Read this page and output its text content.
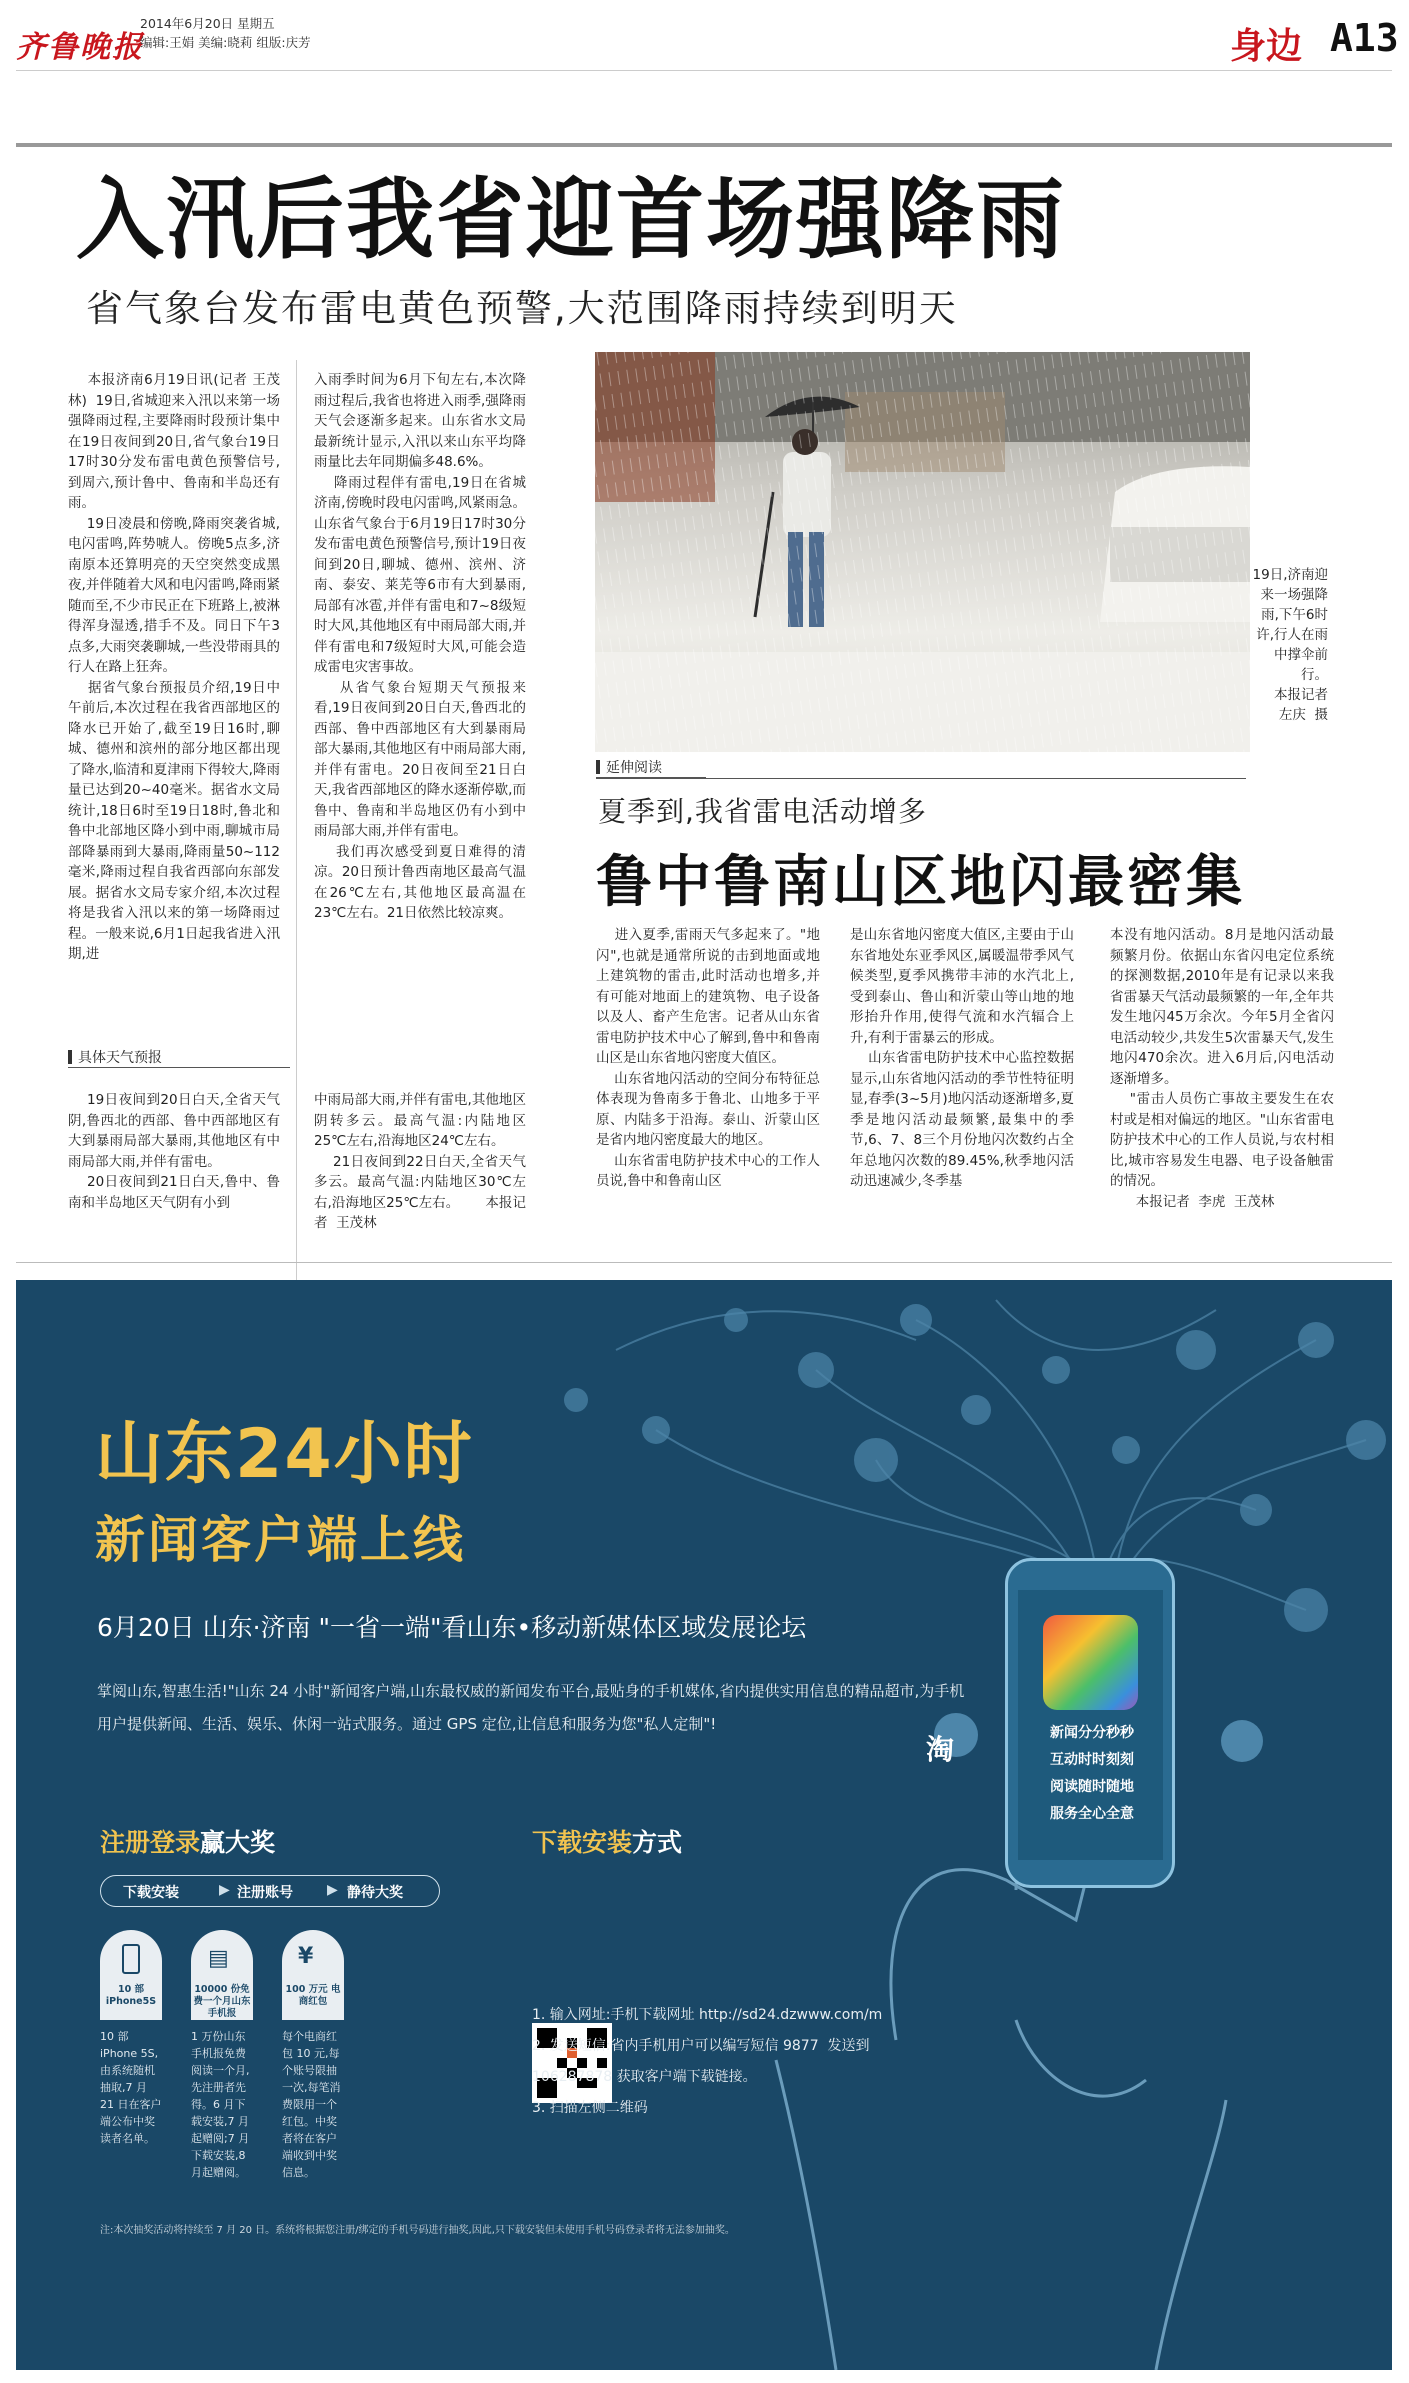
齐鲁晚报
2014年6月20日 星期五
编辑:王娟 美编:晓莉 组版:庆芳	身边 A13
入汛后我省迎首场强降雨
省气象台发布雷电黄色预警,大范围降雨持续到明天
本报济南6月19日讯(记者 王茂林)  19日,省城迎来入汛以来第一场强降雨过程,主要降雨时段预计集中在19日夜间到20日,省气象台19日17时30分发布雷电黄色预警信号,到周六,预计鲁中、鲁南和半岛还有雨。
19日凌晨和傍晚,降雨突袭省城,电闪雷鸣,阵势唬人。傍晚5点多,济南原本还算明亮的天空突然变成黑夜,并伴随着大风和电闪雷鸣,降雨紧随而至,不少市民正在下班路上,被淋得浑身湿透,措手不及。同日下午3点多,大雨突袭聊城,一些没带雨具的行人在路上狂奔。
据省气象台预报员介绍,19日中午前后,本次过程在我省西部地区的降水已开始了,截至19日16时,聊城、德州和滨州的部分地区都出现了降水,临清和夏津雨下得较大,降雨量已达到20~40毫米。据省水文局统计,18日6时至19日18时,鲁北和鲁中北部地区降小到中雨,聊城市局部降暴雨到大暴雨,降雨量50~112毫米,降雨过程自我省西部向东部发展。据省水文局专家介绍,本次过程将是我省入汛以来的第一场降雨过程。一般来说,6月1日起我省进入汛期,进
入雨季时间为6月下旬左右,本次降雨过程后,我省也将进入雨季,强降雨天气会逐渐多起来。山东省水文局最新统计显示,入汛以来山东平均降雨量比去年同期偏多48.6%。
降雨过程伴有雷电,19日在省城济南,傍晚时段电闪雷鸣,风紧雨急。山东省气象台于6月19日17时30分发布雷电黄色预警信号,预计19日夜间到20日,聊城、德州、滨州、济南、泰安、莱芜等6市有大到暴雨,局部有冰雹,并伴有雷电和7~8级短时大风,其他地区有中雨局部大雨,并伴有雷电和7级短时大风,可能会造成雷电灾害事故。
从省气象台短期天气预报来看,19日夜间到20日白天,鲁西北的西部、鲁中西部地区有大到暴雨局部大暴雨,其他地区有中雨局部大雨,并伴有雷电。20日夜间至21日白天,我省西部地区的降水逐渐停歇,而鲁中、鲁南和半岛地区仍有小到中雨局部大雨,并伴有雷电。
我们再次感受到夏日难得的清凉。20日预计鲁西南地区最高气温在26℃左右,其他地区最高温在23℃左右。21日依然比较凉爽。
19日,济南迎来一场强降雨,下午6时许,行人在雨中撑伞前行。
本报记者
左庆  摄
具体天气预报
19日夜间到20日白天,全省天气阴,鲁西北的西部、鲁中西部地区有大到暴雨局部大暴雨,其他地区有中雨局部大雨,并伴有雷电。
20日夜间到21日白天,鲁中、鲁南和半岛地区天气阴有小到
中雨局部大雨,并伴有雷电,其他地区阴转多云。最高气温:内陆地区25℃左右,沿海地区24℃左右。
21日夜间到22日白天,全省天气多云。最高气温:内陆地区30℃左右,沿海地区25℃左右。      本报记者  王茂林
延伸阅读
夏季到,我省雷电活动增多
鲁中鲁南山区地闪最密集
进入夏季,雷雨天气多起来了。"地闪",也就是通常所说的击到地面或地上建筑物的雷击,此时活动也增多,并有可能对地面上的建筑物、电子设备以及人、畜产生危害。记者从山东省雷电防护技术中心了解到,鲁中和鲁南山区是山东省地闪密度大值区。
山东省地闪活动的空间分布特征总体表现为鲁南多于鲁北、山地多于平原、内陆多于沿海。泰山、沂蒙山区是省内地闪密度最大的地区。
山东省雷电防护技术中心的工作人员说,鲁中和鲁南山区
是山东省地闪密度大值区,主要由于山东省地处东亚季风区,属暖温带季风气候类型,夏季风携带丰沛的水汽北上,受到泰山、鲁山和沂蒙山等山地的地形抬升作用,使得气流和水汽辐合上升,有利于雷暴云的形成。
山东省雷电防护技术中心监控数据显示,山东省地闪活动的季节性特征明显,春季(3~5月)地闪活动逐渐增多,夏季是地闪活动最频繁,最集中的季节,6、7、8三个月份地闪次数约占全年总地闪次数的89.45%,秋季地闪活动迅速减少,冬季基
本没有地闪活动。8月是地闪活动最频繁月份。依据山东省闪电定位系统的探测数据,2010年是有记录以来我省雷暴天气活动最频繁的一年,全年共发生地闪45万余次。今年5月全省闪电活动较少,共发生5次雷暴天气,发生地闪470余次。进入6月后,闪电活动逐渐增多。
"雷击人员伤亡事故主要发生在农村或是相对偏远的地区。"山东省雷电防护技术中心的工作人员说,与农村相比,城市容易发生电器、电子设备触雷的情况。
本报记者  李虎  王茂林
淘
山东24小时
新闻客户端上线
6月20日 山东·济南 "一省一端"看山东•移动新媒体区域发展论坛
掌阅山东,智惠生活!"山东 24 小时"新闻客户端,山东最权威的新闻发布平台,最贴身的手机媒体,省内提供实用信息的精品超市,为手机用户提供新闻、生活、娱乐、休闲一站式服务。通过 GPS 定位,让信息和服务为您"私人定制"!
注册登录赢大奖
下载安装	▶ 注册账号 ▶ 静待大奖
10 部 iPhone5S
10 部 iPhone 5S,由系统随机抽取,7 月 21 日在客户端公布中奖读者名单。
10000 份免费一个月山东手机报
1 万份山东手机报免费阅读一个月,先注册者先得。6 月下载安装,7 月起赠阅;7 月下载安装,8 月起赠阅。
100 万元 电商红包
每个电商红包 10 元,每个账号限抽一次,每笔消费限用一个红包。中奖者将在客户端收到中奖信息。
▤	¥
下载安装方式
1. 输入网址:手机下载网址 http://sd24.dzwww.com/m
2. 发送短信:省内手机用户可以编写短信 9877  发送到 106287878 获取客户端下载链接。
3. 扫描左侧二维码
新闻分分秒秒
互动时时刻刻
阅读随时随地
服务全心全意
注:本次抽奖活动将持续至 7 月 20 日。系统将根据您注册/绑定的手机号码进行抽奖,因此,只下载安装但未使用手机号码登录者将无法参加抽奖。
